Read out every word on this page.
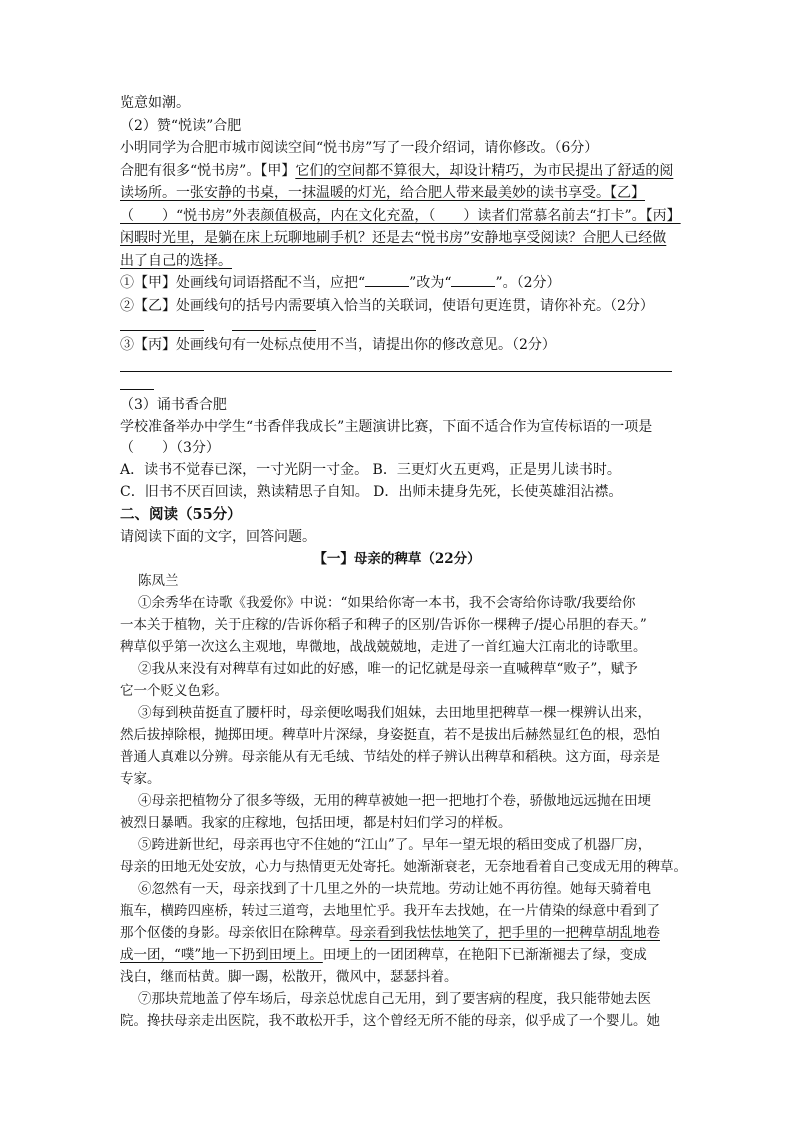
览意如潮。
（2）赞“悦读”合肥
小明同学为合肥市城市阅读空间“悦书房”写了一段介绍词，请你修改。（6分）
合肥有很多“悦书房”。【甲】它们的空间都不算很大，却设计精巧，为市民提出了舒适的阅
读场所。一张安静的书桌，一抹温暖的灯光，给合肥人带来最美妙的读书享受。【乙】
（　　）“悦书房”外表颜值极高，内在文化充盈，（　　）读者们常慕名前去“打卡”。【丙】
闲暇时光里，是躺在床上玩聊地刷手机？还是去“悦书房”安静地享受阅读？合肥人已经做
出了自己的选择。
①【甲】处画线句词语搭配不当，应把“	”改为“	”。（2分）
②【乙】处画线句的括号内需要填入恰当的关联词，使语句更连贯，请你补充。（2分）
③【丙】处画线句有一处标点使用不当，请提出你的修改意见。（2分）
（3）诵书香合肥
学校准备举办中学生“书香伴我成长”主题演讲比赛，下面不适合作为宣传标语的一项是
（　　）（3分）
A．读书不觉春已深，一寸光阴一寸金。 B．三更灯火五更鸡，正是男儿读书时。
C．旧书不厌百回读，熟读精思子自知。 D．出师未捷身先死，长使英雄泪沾襟。
二、阅读（55分）
请阅读下面的文字，回答问题。
【一】母亲的稗草（22分）
陈凤兰
①余秀华在诗歌《我爱你》中说：“如果给你寄一本书，我不会寄给你诗歌/我要给你
一本关于植物，关于庄稼的/告诉你稻子和稗子的区别/告诉你一棵稗子/提心吊胆的春天。”
稗草似乎第一次这么主观地，卑微地，战战兢兢地，走进了一首红遍大江南北的诗歌里。
②我从来没有对稗草有过如此的好感，唯一的记忆就是母亲一直喊稗草“败子”，赋予
它一个贬义色彩。
③每到秧苗挺直了腰杆时，母亲便吆喝我们姐妹，去田地里把稗草一棵一棵辨认出来，
然后拔掉除根，抛掷田埂。稗草叶片深绿，身姿挺直，若不是拔出后赫然显红色的根，恐怕
普通人真难以分辨。母亲能从有无毛绒、节结处的样子辨认出稗草和稻秧。这方面，母亲是
专家。
④母亲把植物分了很多等级，无用的稗草被她一把一把地打个卷，骄傲地远远抛在田埂
被烈日暴晒。我家的庄稼地，包括田埂，都是村妇们学习的样板。
⑤跨进新世纪，母亲再也守不住她的“江山”了。早年一望无垠的稻田变成了机器厂房，
母亲的田地无处安放，心力与热情更无处寄托。她渐渐衰老，无奈地看着自己变成无用的稗草。
⑥忽然有一天，母亲找到了十几里之外的一块荒地。劳动让她不再彷徨。她每天骑着电
瓶车，横跨四座桥，转过三道弯，去地里忙乎。我开车去找她，在一片倩染的绿意中看到了
那个伛偻的身影。母亲依旧在除稗草。母亲看到我怯怯地笑了，把手里的一把稗草胡乱地卷
成一团，“噗”地一下扔到田埂上。田埂上的一团团稗草，在艳阳下已渐渐褪去了绿，变成
浅白，继而枯黄。脚一踢，松散开，微风中，瑟瑟抖着。
⑦那块荒地盖了停车场后，母亲总忧虑自己无用，到了要害病的程度，我只能带她去医
院。搀扶母亲走出医院，我不敢松开手，这个曾经无所不能的母亲，似乎成了一个婴儿。她
